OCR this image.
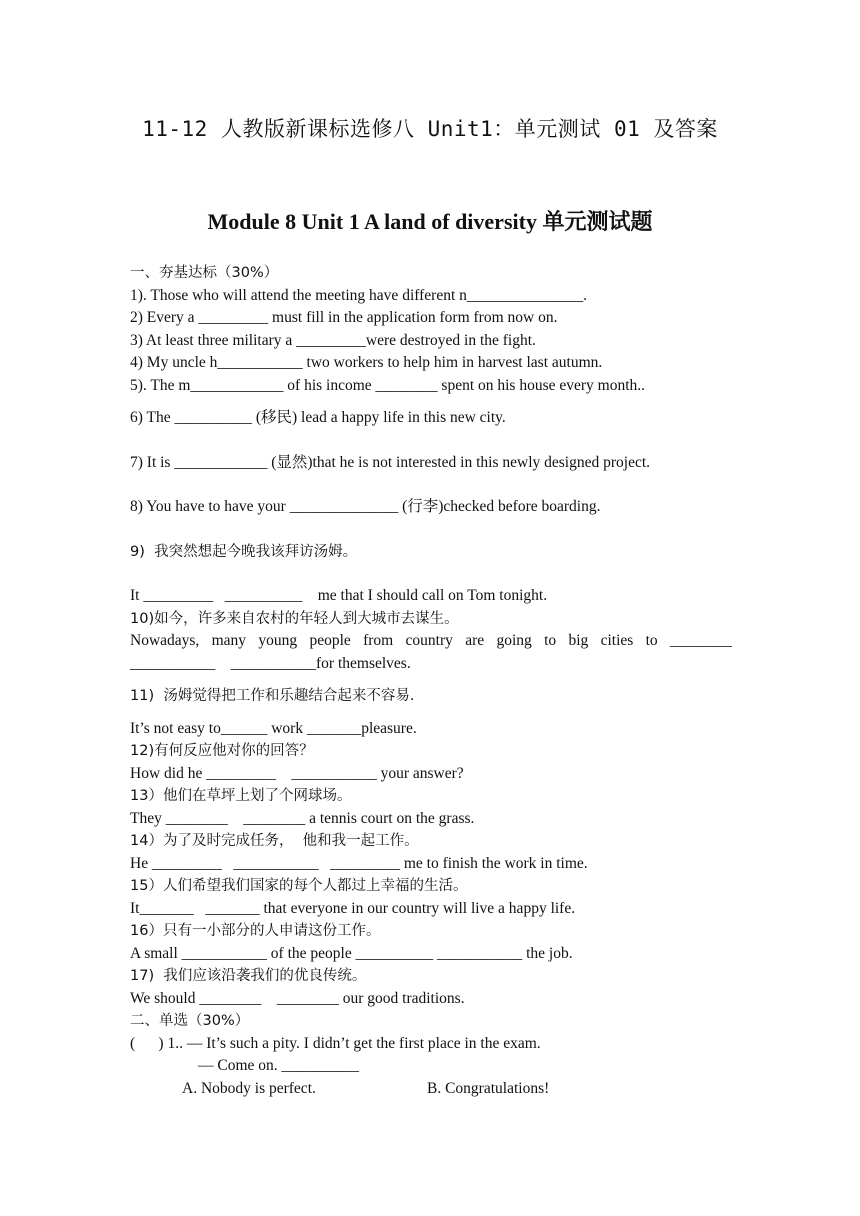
11-12 人教版新课标选修八 Unit1：单元测试 01 及答案
Module 8 Unit 1 A land of diversity 单元测试题
一、夯基达标（30%）
1). Those who will attend the meeting have different n_______________.
2) Every a _________ must fill in the application form from now on.
3) At least three military a _________were destroyed in the fight.
4) My uncle h___________ two workers to help him in harvest last autumn.
5). The m____________ of his income ________ spent on his house every month..
6) The __________ (移民) lead a happy life in this new city.
7) It is ____________ (显然)that he is not interested in this newly designed project.
8) You have to have your ______________ (行李)checked before boarding.
9)  我突然想起今晚我该拜访汤姆。
It _________   __________    me that I should call on Tom tonight.
10)如今，许多来自农村的年轻人到大城市去谋生。
Nowadays, many young people from country are going to big cities to ________
___________    ___________for themselves.
11)  汤姆觉得把工作和乐趣结合起来不容易.
It’s not easy to______ work _______pleasure.
12)有何反应他对你的回答？
How did he _________    ___________ your answer?
13）他们在草坪上划了个网球场。
They ________    ________ a tennis court on the grass.
14）为了及时完成任务，  他和我一起工作。
He _________   ___________   _________ me to finish the work in time.
15）人们希望我们国家的每个人都过上幸福的生活。
It_______   _______ that everyone in our country will live a happy life.
16）只有一小部分的人申请这份工作。
A small ___________ of the people __________ ___________ the job.
17)  我们应该沿袭我们的优良传统。
We should ________    ________ our good traditions.
二、单选（30%）
(      ) 1.. — It’s such a pity. I didn’t get the first place in the exam.
— Come on. __________
A. Nobody is perfect.	B. Congratulations!
